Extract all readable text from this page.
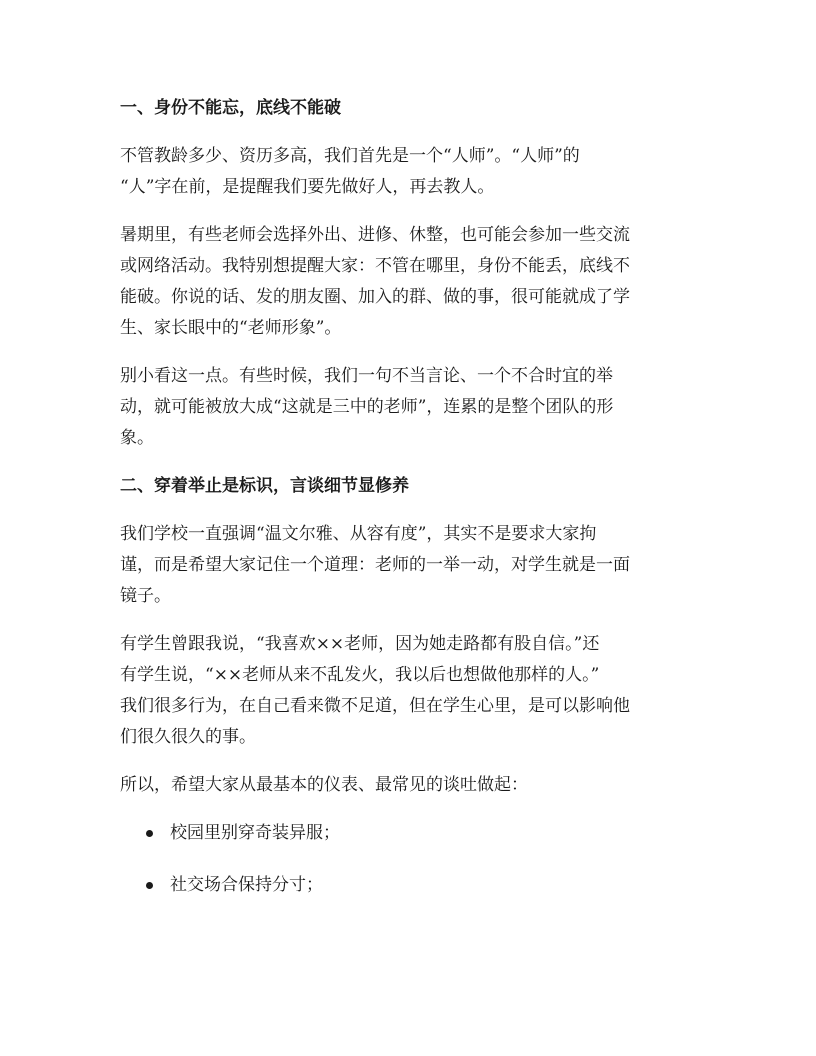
一、身份不能忘，底线不能破

不管教龄多少、资历多高，我们首先是一个“人师”。“人师”的
“人”字在前，是提醒我们要先做好人，再去教人。

暑期里，有些老师会选择外出、进修、休整，也可能会参加一些交流
或网络活动。我特别想提醒大家：不管在哪里，身份不能丢，底线不
能破。你说的话、发的朋友圈、加入的群、做的事，很可能就成了学
生、家长眼中的“老师形象”。

别小看这一点。有些时候，我们一句不当言论、一个不合时宜的举
动，就可能被放大成“这就是三中的老师”，连累的是整个团队的形
象。

二、穿着举止是标识，言谈细节显修养

我们学校一直强调“温文尔雅、从容有度”，其实不是要求大家拘
谨，而是希望大家记住一个道理：老师的一举一动，对学生就是一面
镜子。

有学生曾跟我说，“我喜欢××老师，因为她走路都有股自信。”还
有学生说，“××老师从来不乱发火，我以后也想做他那样的人。”
我们很多行为，在自己看来微不足道，但在学生心里，是可以影响他
们很久很久的事。

所以，希望大家从最基本的仪表、最常见的谈吐做起：

校园里别穿奇装异服；
社交场合保持分寸；
